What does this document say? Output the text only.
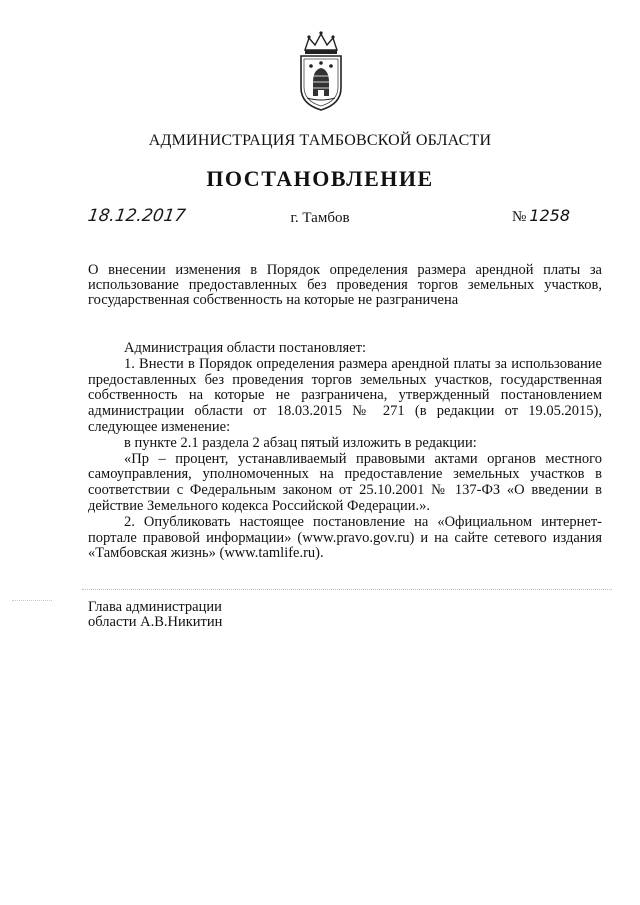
АДМИНИСТРАЦИЯ ТАМБОВСКОЙ ОБЛАСТИ
ПОСТАНОВЛЕНИЕ
18.12.2017	г. Тамбов	№ 1258
О внесении изменения в Порядок определения размера арендной платы за использование предоставленных без проведения торгов земельных участков, государственная собственность на которые не разграничена

Администрация области постановляет:

1. Внести в Порядок определения размера арендной платы за использование предоставленных без проведения торгов земельных участков, государственная собственность на которые не разграничена, утвержденный постановлением администрации области от 18.03.2015 № 271 (в редакции от 19.05.2015), следующее изменение:

в пункте 2.1 раздела 2 абзац пятый изложить в редакции:

«Пр – процент, устанавливаемый правовыми актами органов местного самоуправления, уполномоченных на предоставление земельных участков в соответствии с Федеральным законом от 25.10.2001 № 137-ФЗ «О введении в действие Земельного кодекса Российской Федерации.».

2. Опубликовать настоящее постановление на «Официальном интернет-портале правовой информации» (www.pravo.gov.ru) и на сайте сетевого издания «Тамбовская жизнь» (www.tamlife.ru).

Глава администрации
области А.В.Никитин
